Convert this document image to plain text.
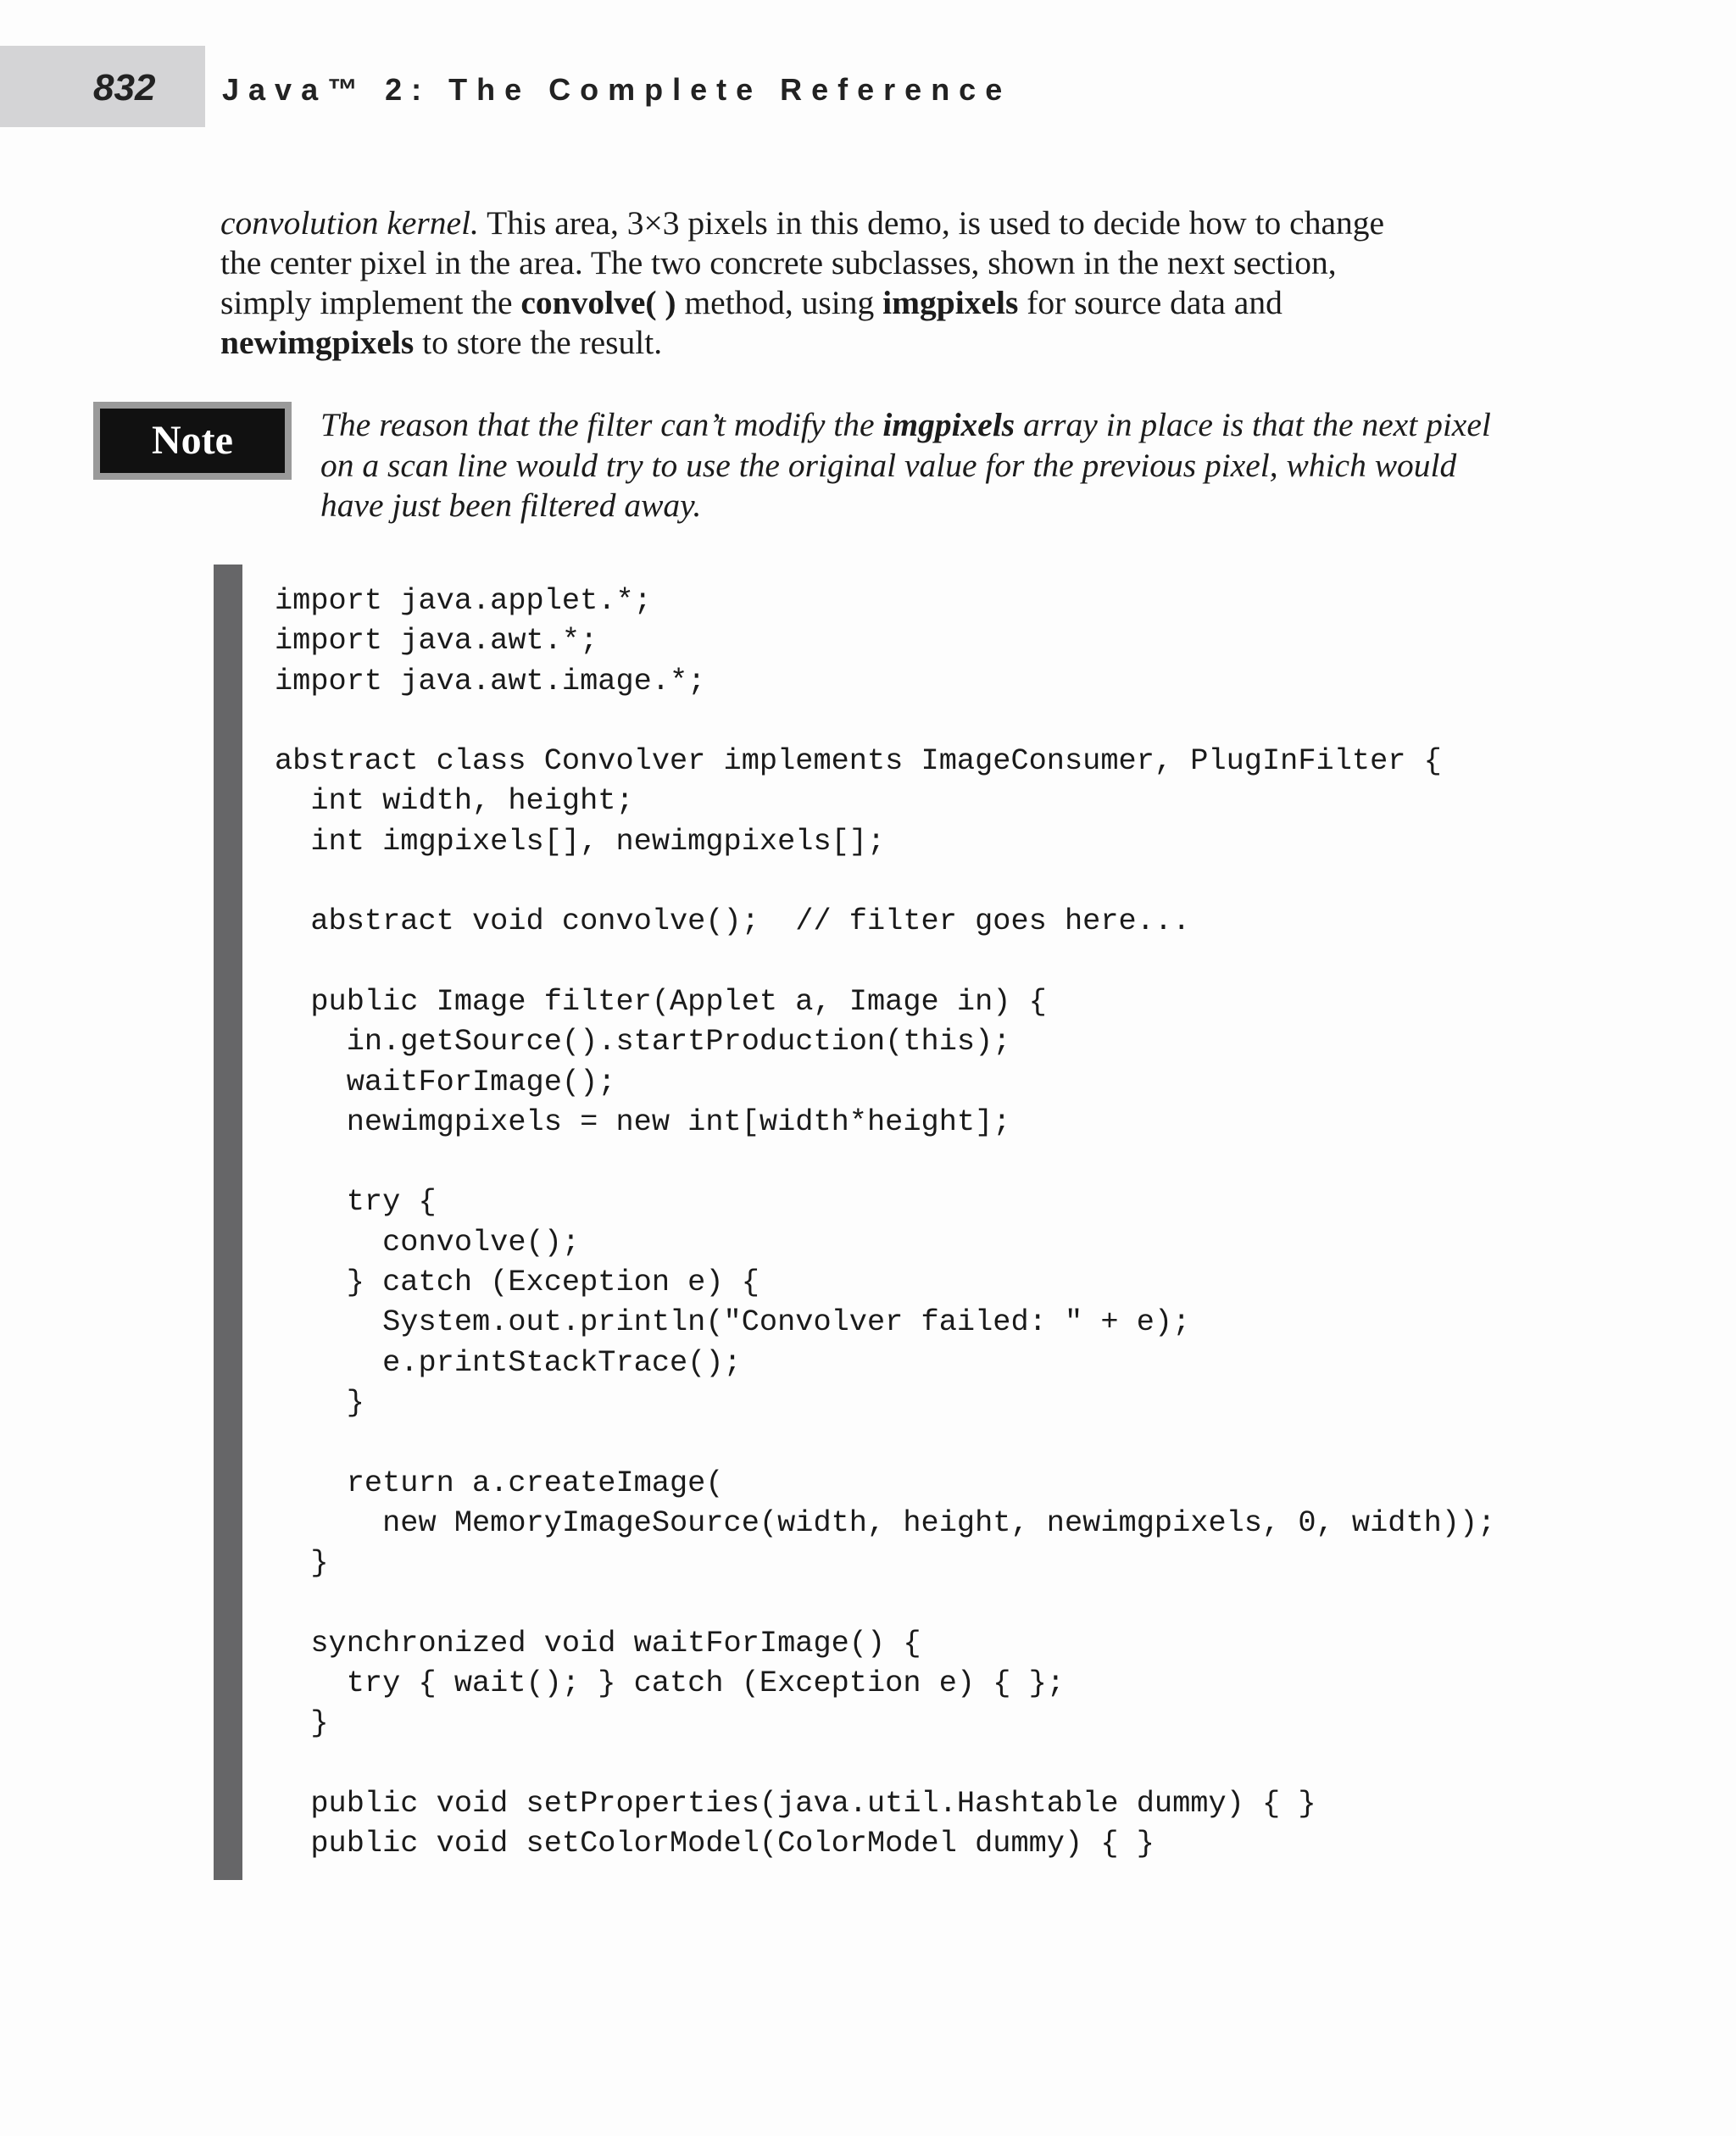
832 Java™ 2: The Complete Reference

convolution kernel. This area, 3×3 pixels in this demo, is used to decide how to change

the center pixel in the area. The two concrete subclasses, shown in the next section,

simply implement the convolve( ) method, using imgpixels for source data and

newimgpixels to store the result.

Note	The reason that the filter can’t modify the imgpixels array in place is that the next pixel

on a scan line would try to use the original value for the previous pixel, which would

have just been filtered away.

import java.applet.*;
import java.awt.*;
import java.awt.image.*;
abstract class Convolver implements ImageConsumer, PlugInFilter {
int width, height;
int imgpixels[], newimgpixels[];
abstract void convolve();  // filter goes here...
public Image filter(Applet a, Image in) {
in.getSource().startProduction(this);
waitForImage();
newimgpixels = new int[width*height];
try {
convolve();
} catch (Exception e) {
System.out.println("Convolver failed: " + e);
e.printStackTrace();
}
return a.createImage(
new MemoryImageSource(width, height, newimgpixels, 0, width));
}
synchronized void waitForImage() {
try { wait(); } catch (Exception e) { };
}
public void setProperties(java.util.Hashtable dummy) { }
public void setColorModel(ColorModel dummy) { }
